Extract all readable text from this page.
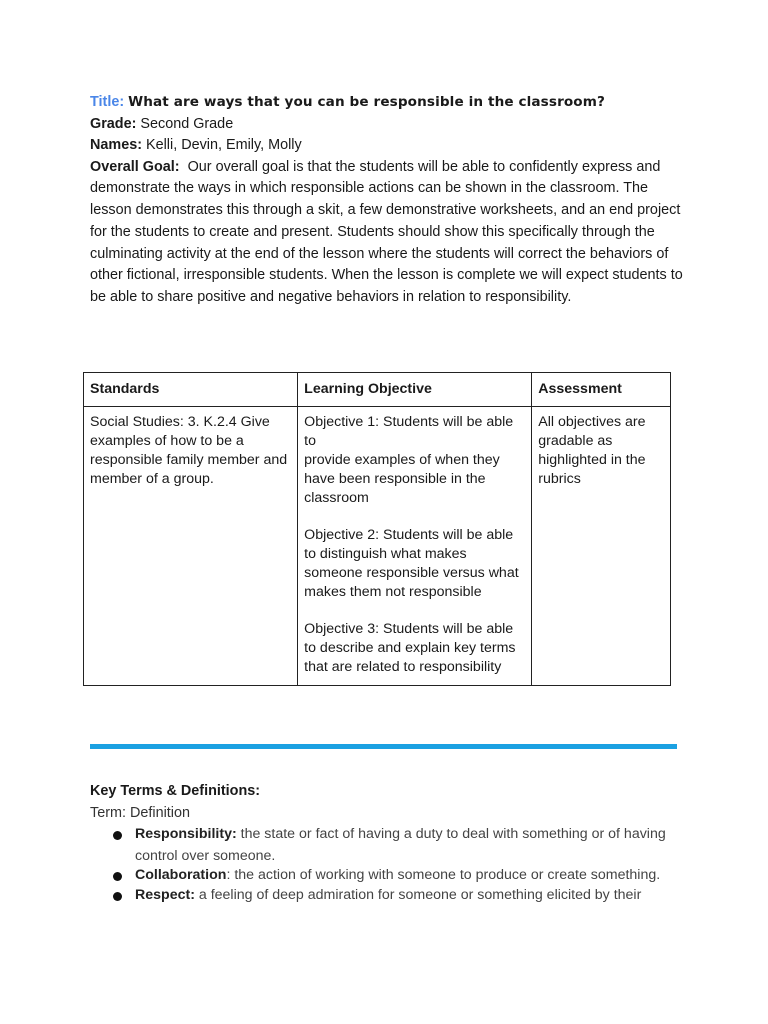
Title: What are ways that you can be responsible in the classroom?

Grade: Second Grade

Names: Kelli, Devin, Emily, Molly

Overall Goal: Our overall goal is that the students will be able to confidently express and demonstrate the ways in which responsible actions can be shown in the classroom. The lesson demonstrates this through a skit, a few demonstrative worksheets, and an end project for the students to create and present. Students should show this specifically through the culminating activity at the end of the lesson where the students will correct the behaviors of other fictional, irresponsible students. When the lesson is complete we will expect students to be able to share positive and negative behaviors in relation to responsibility.

Standards	Learning Objective	Assessment
Social Studies: 3. K.2.4 Give examples of how to be a responsible family member and member of a group.	Objective 1: Students will be able to
provide examples of when they have been responsible in the classroom
Objective 2: Students will be able to distinguish what makes someone responsible versus what makes them not responsible
Objective 3: Students will be able to describe and explain key terms that are related to responsibility	All objectives are gradable as highlighted in the rubrics

Key Terms & Definitions:

Term: Definition

Responsibility: the state or fact of having a duty to deal with something or of having control over someone.
Collaboration: the action of working with someone to produce or create something.
Respect: a feeling of deep admiration for someone or something elicited by their
